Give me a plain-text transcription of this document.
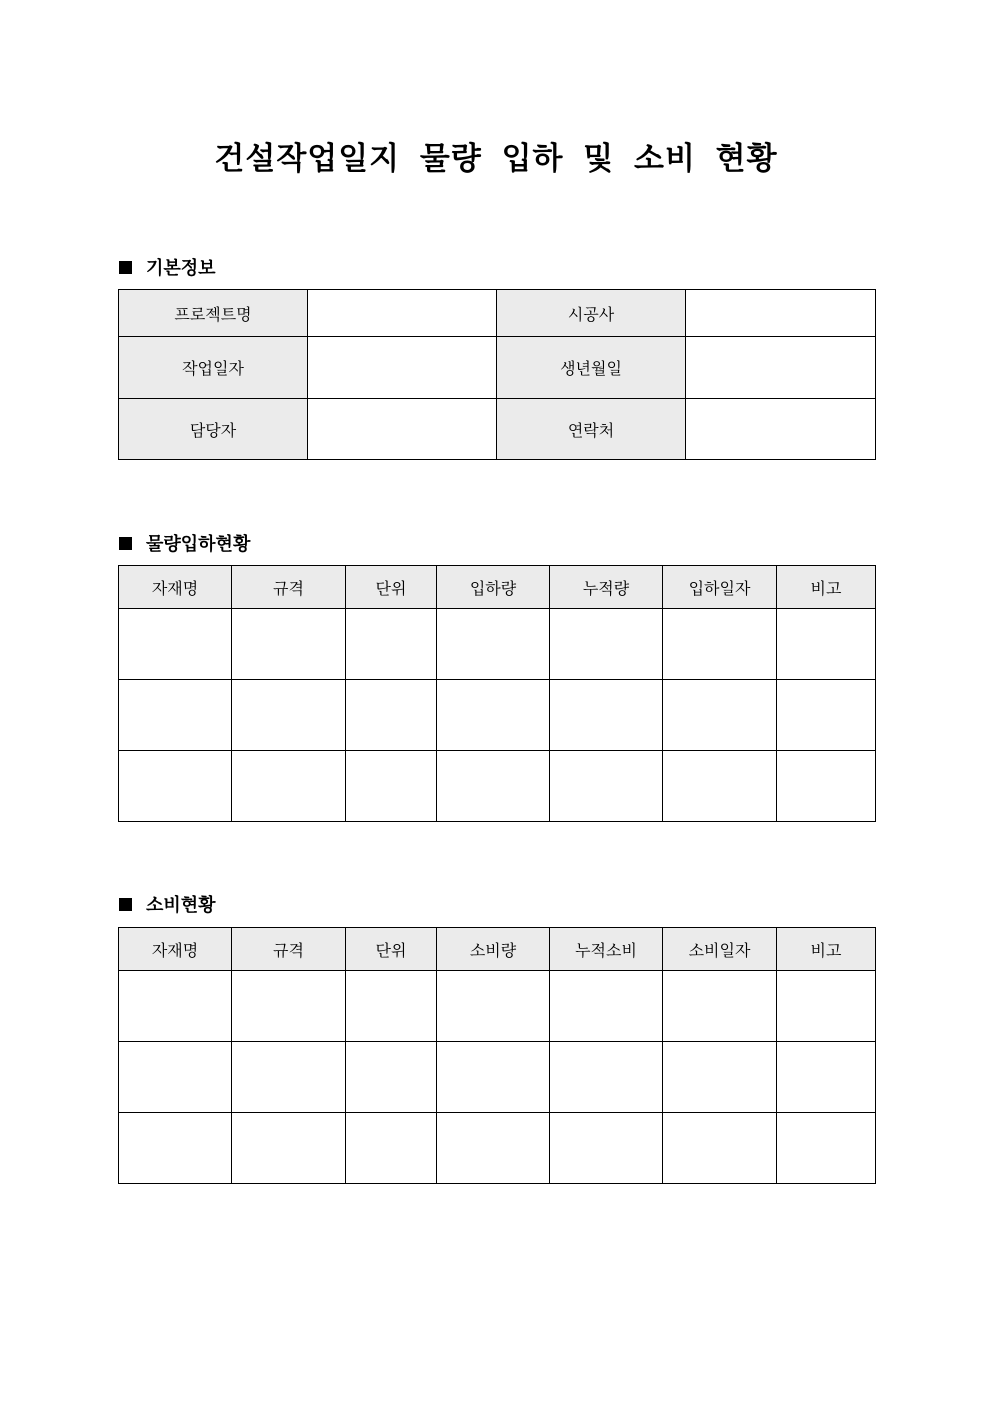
건설작업일지 물량 입하 및 소비 현황
기본정보
프로젝트명		시공사	
작업일자		생년월일	
담당자		연락처	
물량입하현황
자재명	규격	단위	입하량	누적량	입하일자	비고

소비현황
자재명	규격	단위	소비량	누적소비	소비일자	비고
